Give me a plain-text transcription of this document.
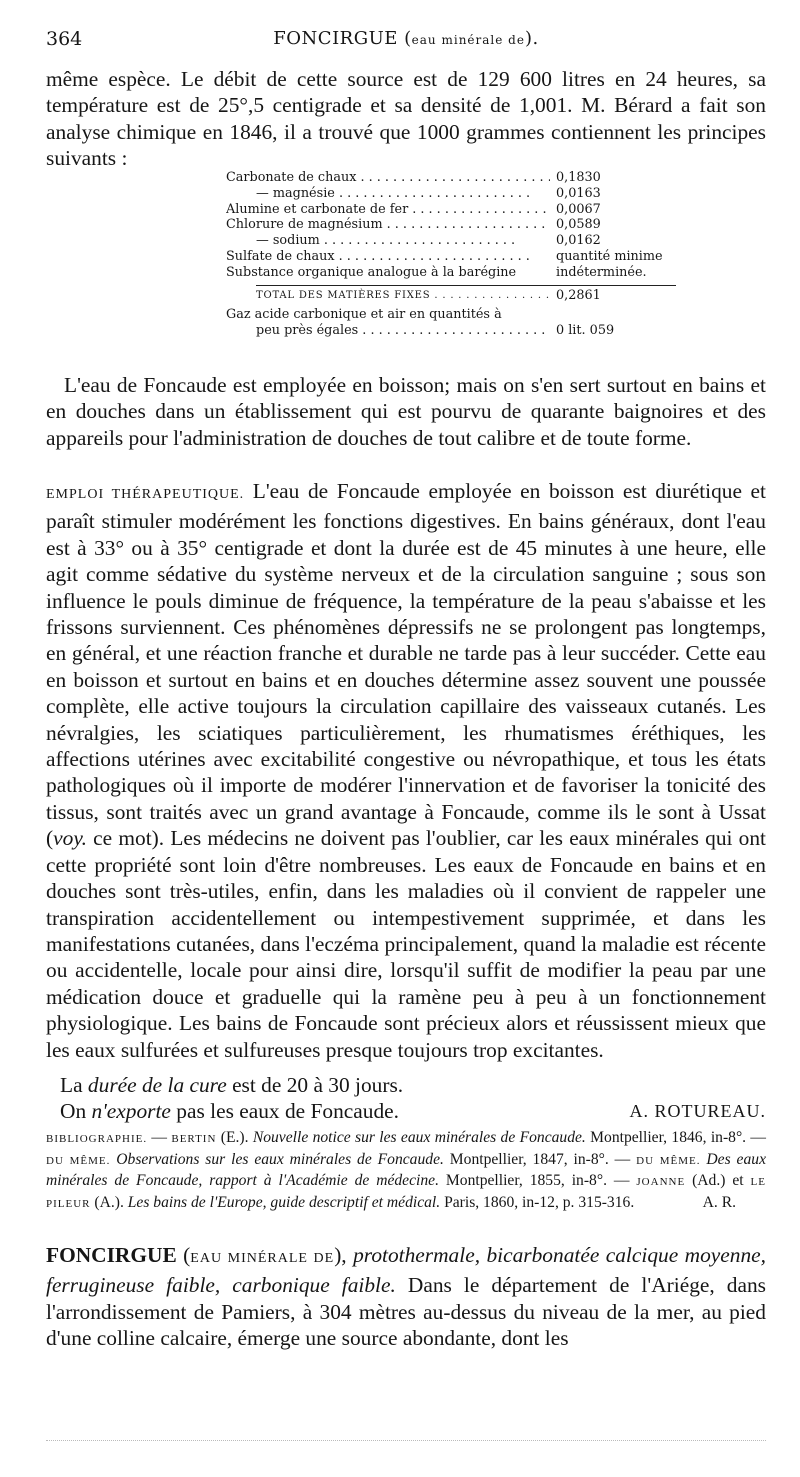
364	FONCIRGUE (eau minérale de).
même espèce. Le débit de cette source est de 129 600 litres en 24 heures, sa température est de 25°,5 centigrade et sa densité de 1,001. M. Bérard a fait son analyse chimique en 1846, il a trouvé que 1000 grammes contiennent les principes suivants :
Carbonate de chaux . . .	0,1830
— magnésie . . .	0,0163
Alumine et carbonate de fer . . .	0,0067
Chlorure de magnésium . . .	0,0589
— sodium . . .	0,0162
Sulfate de chaux . . .	quantité minime
Substance organique analogue à la barégine	indéterminée.
TOTAL DES MATIÈRES FIXES . . .	0,2861
Gaz acide carbonique et air en quantités à
peu près égales . . .	0 lit. 059
L'eau de Foncaude est employée en boisson; mais on s'en sert surtout en bains et en douches dans un établissement qui est pourvu de quarante baignoires et des appareils pour l'administration de douches de tout calibre et de toute forme.
EMPLOI THÉRAPEUTIQUE. L'eau de Foncaude employée en boisson est diurétique et paraît stimuler modérément les fonctions digestives. En bains généraux, dont l'eau est à 33° ou à 35° centigrade et dont la durée est de 45 minutes à une heure, elle agit comme sédative du système nerveux et de la circulation sanguine ; sous son influence le pouls diminue de fréquence, la température de la peau s'abaisse et les frissons surviennent. Ces phénomènes dépressifs ne se prolongent pas longtemps, en général, et une réaction franche et durable ne tarde pas à leur succéder. Cette eau en boisson et surtout en bains et en douches détermine assez souvent une poussée complète, elle active toujours la circulation capillaire des vaisseaux cutanés. Les névralgies, les sciatiques particulièrement, les rhumatismes éréthiques, les affections utérines avec excitabilité congestive ou névropathique, et tous les états pathologiques où il importe de modérer l'innervation et de favoriser la tonicité des tissus, sont traités avec un grand avantage à Foncaude, comme ils le sont à Ussat (voy. ce mot). Les médecins ne doivent pas l'oublier, car les eaux minérales qui ont cette propriété sont loin d'être nombreuses. Les eaux de Foncaude en bains et en douches sont très-utiles, enfin, dans les maladies où il convient de rappeler une transpiration accidentellement ou intempestivement supprimée, et dans les manifestations cutanées, dans l'eczéma principalement, quand la maladie est récente ou accidentelle, locale pour ainsi dire, lorsqu'il suffit de modifier la peau par une médication douce et graduelle qui la ramène peu à peu à un fonctionnement physiologique. Les bains de Foncaude sont précieux alors et réussissent mieux que les eaux sulfurées et sulfureuses presque toujours trop excitantes.
La durée de la cure est de 20 à 30 jours.
A. ROTUREAU.
On n'exporte pas les eaux de Foncaude.
BIBLIOGRAPHIE. — BERTIN (E.). Nouvelle notice sur les eaux minérales de Foncaude. Montpellier, 1846, in-8°. — DU MÊME. Observations sur les eaux minérales de Foncaude. Montpellier, 1847, in-8°. — DU MÊME. Des eaux minérales de Foncaude, rapport à l'Académie de médecine. Montpellier, 1855, in-8°. — JOANNE (Ad.) et LE PILEUR (A.). Les bains de l'Europe, guide descriptif et médical. Paris, 1860, in-12, p. 315-316.	A. R.
FONCIRGUE (EAU MINÉRALE DE), protothermale, bicarbonatée calcique moyenne, ferrugineuse faible, carbonique faible. Dans le département de l'Ariége, dans l'arrondissement de Pamiers, à 304 mètres au-dessus du niveau de la mer, au pied d'une colline calcaire, émerge une source abondante, dont les
